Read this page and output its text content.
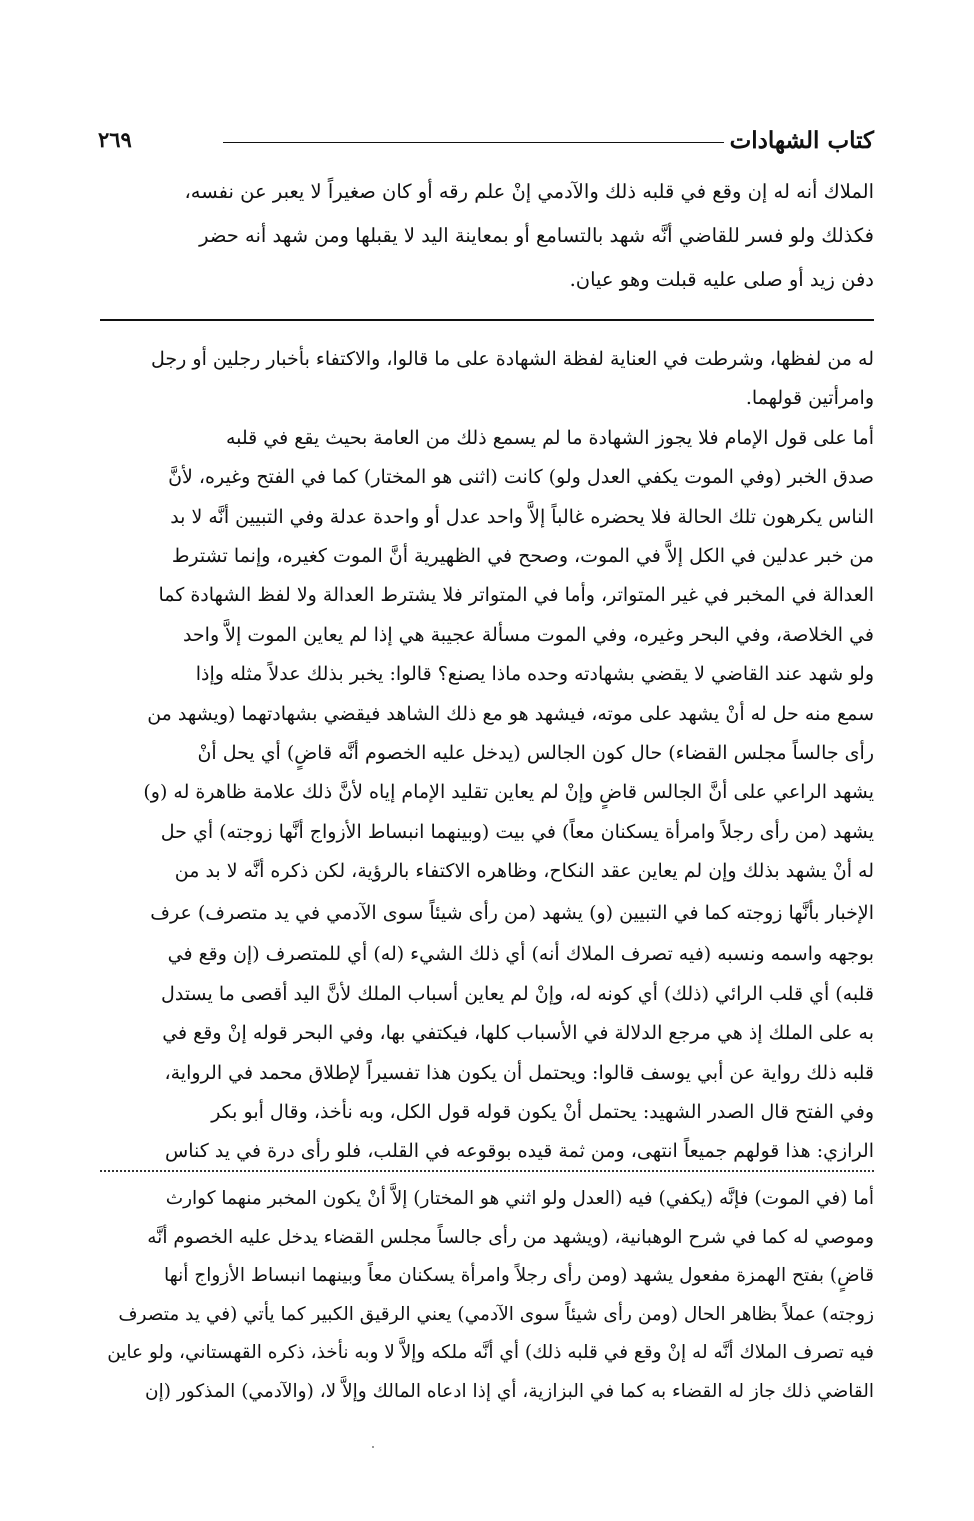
كتاب الشهادات
٢٦٩
الملاك أنه له إن وقع في قلبه ذلك والآدمي إنْ علم رقه أو كان صغيراً لا يعبر عن نفسه،
فكذلك ولو فسر للقاضي أنَّه شهد بالتسامع أو بمعاينة اليد لا يقبلها ومن شهد أنه حضر
دفن زيد أو صلى عليه قبلت وهو عيان.
له من لفظها، وشرطت في العناية لفظة الشهادة على ما قالوا، والاكتفاء بأخبار رجلين أو رجل
وامرأتين قولهما.
أما على قول الإمام فلا يجوز الشهادة ما لم يسمع ذلك من العامة بحيث يقع في قلبه
صدق الخبر (وفي الموت يكفي العدل ولو) كانت (اثنى هو المختار) كما في الفتح وغيره، لأنَّ
الناس يكرهون تلك الحالة فلا يحضره غالباً إلاَّ واحد عدل أو واحدة عدلة وفي التبيين أنَّه لا بد
من خبر عدلين في الكل إلاَّ في الموت، وصحح في الظهيرية أنَّ الموت كغيره، وإنما تشترط
العدالة في المخبر في غير المتواتر، وأما في المتواتر فلا يشترط العدالة ولا لفظ الشهادة كما
في الخلاصة، وفي البحر وغيره، وفي الموت مسألة عجيبة هي إذا لم يعاين الموت إلاَّ واحد
ولو شهد عند القاضي لا يقضي بشهادته وحده ماذا يصنع؟ قالوا: يخبر بذلك عدلاً مثله وإذا
سمع منه حل له أنْ يشهد على موته، فيشهد هو مع ذلك الشاهد فيقضي بشهادتهما (ويشهد من
رأى جالساً مجلس القضاء) حال كون الجالس (يدخل عليه الخصوم أنَّه قاضٍ) أي يحل أنْ
يشهد الراعي على أنَّ الجالس قاضٍ وإنْ لم يعاين تقليد الإمام إياه لأنَّ ذلك علامة ظاهرة له (و)
يشهد (من رأى رجلاً وامرأة يسكنان معاً) في بيت (وبينهما انبساط الأزواج أنَّها زوجته) أي حل
له أنْ يشهد بذلك وإن لم يعاين عقد النكاح، وظاهره الاكتفاء بالرؤية، لكن ذكره أنَّه لا بد من
الإخبار بأنَّها زوجته كما في التبيين (و) يشهد (من رأى شيئاً سوى الآدمي في يد متصرف) عرف
بوجهه واسمه ونسبه (فيه تصرف الملاك أنه) أي ذلك الشيء (له) أي للمتصرف (إن وقع في
قلبه) أي قلب الرائي (ذلك) أي كونه له، وإنْ لم يعاين أسباب الملك لأنَّ اليد أقصى ما يستدل
به على الملك إذ هي مرجع الدلالة في الأسباب كلها، فيكتفي بها، وفي البحر قوله إنْ وقع في
قلبه ذلك رواية عن أبي يوسف قالوا: ويحتمل أن يكون هذا تفسيراً لإطلاق محمد في الرواية،
وفي الفتح قال الصدر الشهيد: يحتمل أنْ يكون قوله قول الكل، وبه نأخذ، وقال أبو بكر
الرازي: هذا قولهم جميعاً انتهى، ومن ثمة قيده بوقوعه في القلب، فلو رأى درة في يد كناس
أما (في الموت) فإنَّه (يكفي) فيه (العدل ولو اثني هو المختار) إلاَّ أنْ يكون المخبر منهما كوارث
وموصي له كما في شرح الوهبانية، (ويشهد من رأى جالساً مجلس القضاء يدخل عليه الخصوم أنَّه
قاضٍ) بفتح الهمزة مفعول يشهد (ومن رأى رجلاً وامرأة يسكنان معاً وبينهما انبساط الأزواج أنها
زوجته) عملاً بظاهر الحال (ومن رأى شيئاً سوى الآدمي) يعني الرقيق الكبير كما يأتي (في يد متصرف
فيه تصرف الملاك أنَّه له إنْ وقع في قلبه ذلك) أي أنَّه ملكه وإلاَّ لا وبه نأخذ، ذكره القهستاني، ولو عاين
القاضي ذلك جاز له القضاء به كما في البزازية، أي إذا ادعاه المالك وإلاَّ لا، (والآدمي) المذكور (إن
